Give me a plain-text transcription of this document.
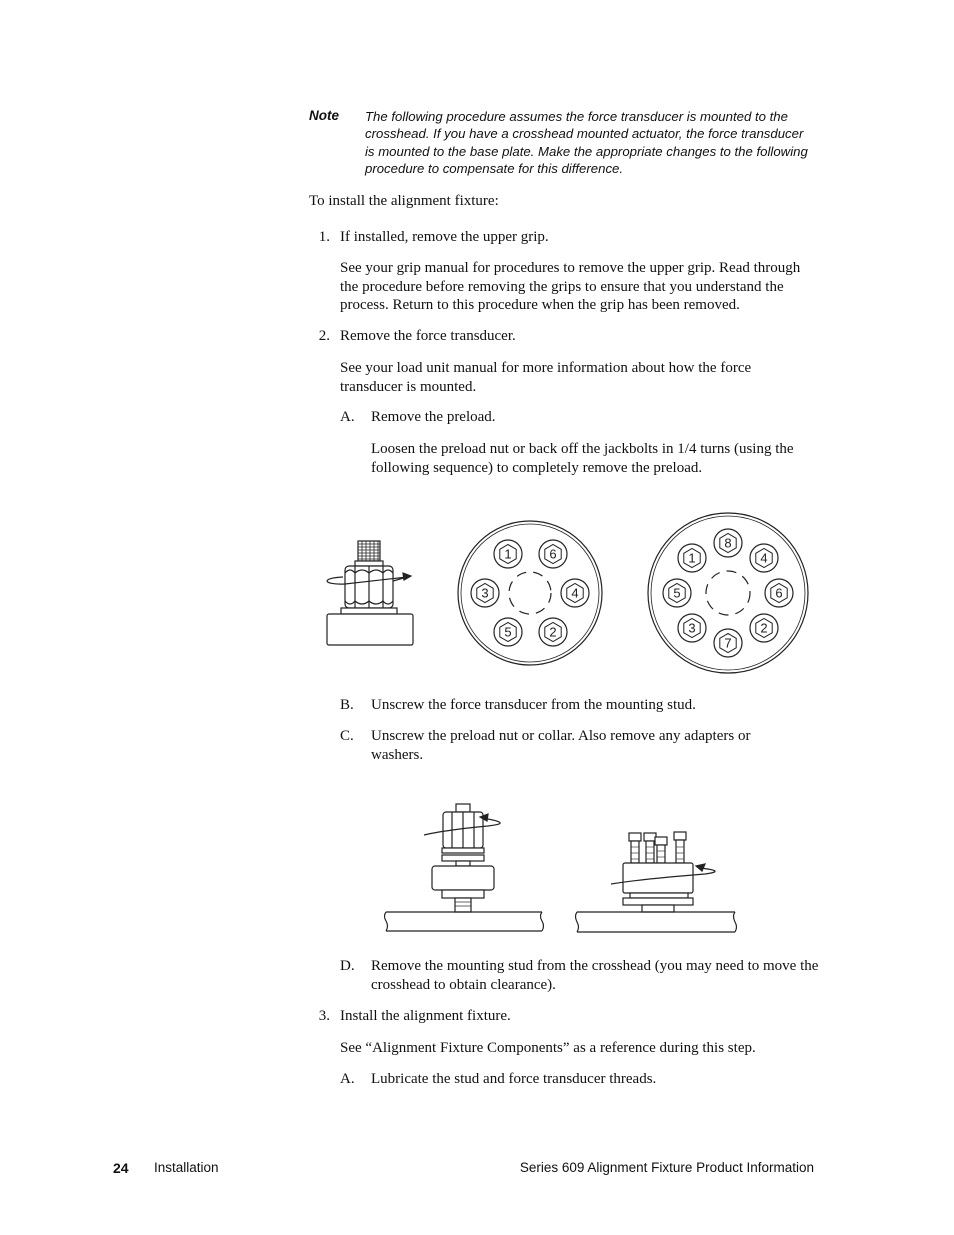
Note The following procedure assumes the force transducer is mounted to the crosshead. If you have a crosshead mounted actuator, the force transducer is mounted to the base plate. Make the appropriate changes to the following procedure to compensate for this difference.
To install the alignment fixture:
1. If installed, remove the upper grip.
See your grip manual for procedures to remove the upper grip. Read through the procedure before removing the grips to ensure that you understand the process. Return to this procedure when the grip has been removed.
2. Remove the force transducer.
See your load unit manual for more information about how the force transducer is mounted.
A. Remove the preload.
Loosen the preload nut or back off the jackbolts in 1/4 turns (using the following sequence) to completely remove the preload.
1	6
3	4
5	2
8
1	4
5	6
3	2
7
B. Unscrew the force transducer from the mounting stud.
C. Unscrew the preload nut or collar. Also remove any adapters or washers.
D. Remove the mounting stud from the crosshead (you may need to move the crosshead to obtain clearance).
3. Install the alignment fixture.
See “Alignment Fixture Components” as a reference during this step.
A. Lubricate the stud and force transducer threads.
24 Installation	Series 609 Alignment Fixture Product Information
